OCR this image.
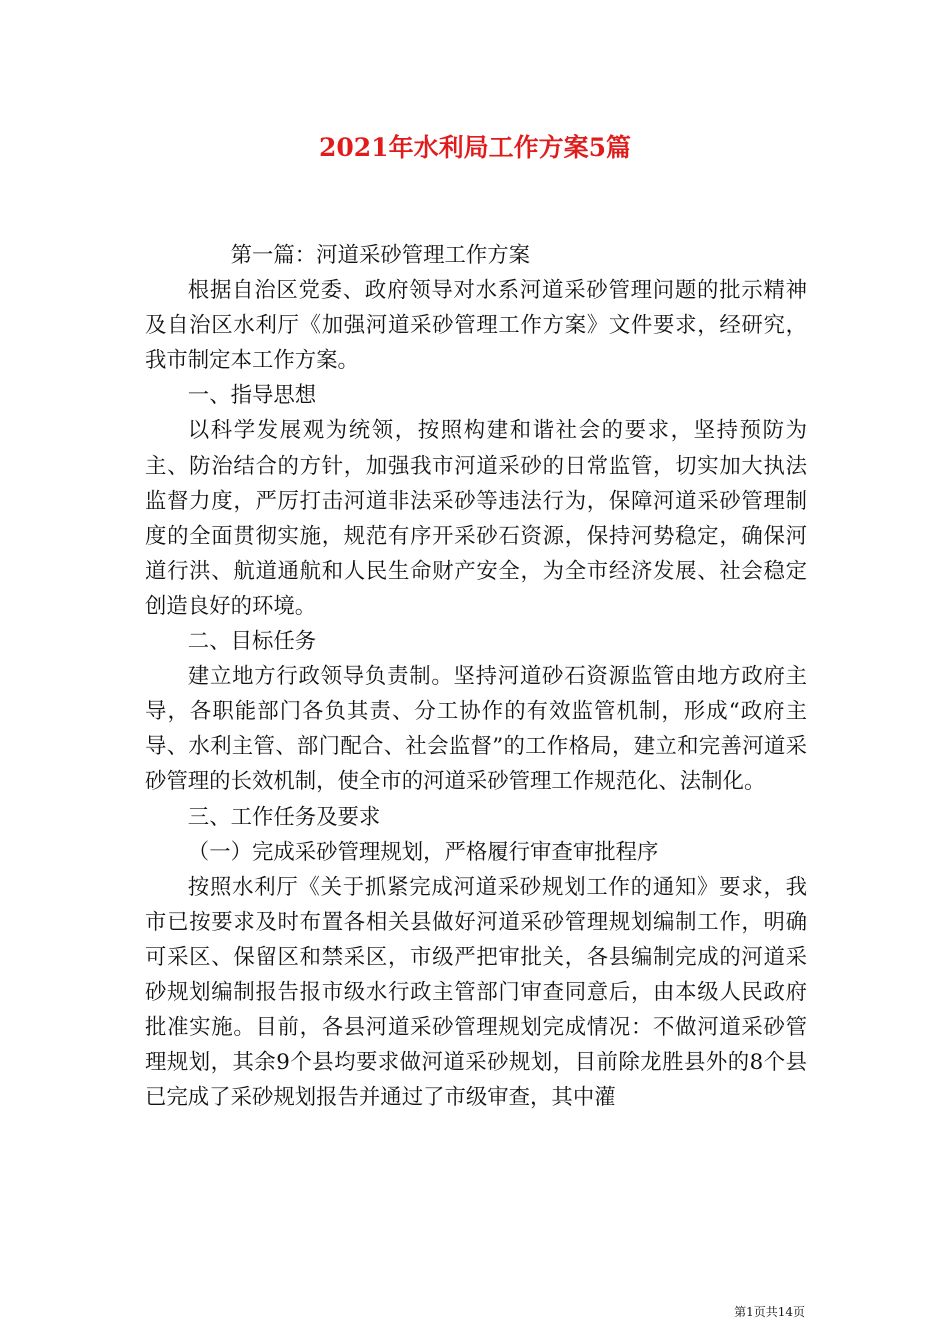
2021年水利局工作方案5篇

第一篇：河道采砂管理工作方案

根据自治区党委、政府领导对水系河道采砂管理问题的批示精神及自治区水利厅《加强河道采砂管理工作方案》文件要求，经研究，我市制定本工作方案。

一、指导思想

以科学发展观为统领，按照构建和谐社会的要求，坚持预防为主、防治结合的方针，加强我市河道采砂的日常监管，切实加大执法监督力度，严厉打击河道非法采砂等违法行为，保障河道采砂管理制度的全面贯彻实施，规范有序开采砂石资源，保持河势稳定，确保河道行洪、航道通航和人民生命财产安全，为全市经济发展、社会稳定创造良好的环境。

二、目标任务

建立地方行政领导负责制。坚持河道砂石资源监管由地方政府主导，各职能部门各负其责、分工协作的有效监管机制，形成“政府主导、水利主管、部门配合、社会监督”的工作格局，建立和完善河道采砂管理的长效机制，使全市的河道采砂管理工作规范化、法制化。

三、工作任务及要求

（一）完成采砂管理规划，严格履行审查审批程序

按照水利厅《关于抓紧完成河道采砂规划工作的通知》要求，我市已按要求及时布置各相关县做好河道采砂管理规划编制工作，明确可采区、保留区和禁采区，市级严把审批关，各县编制完成的河道采砂规划编制报告报市级水行政主管部门审查同意后，由本级人民政府批准实施。目前，各县河道采砂管理规划完成情况：不做河道采砂管理规划，其余9个县均要求做河道采砂规划，目前除龙胜县外的8个县已完成了采砂规划报告并通过了市级审查，其中灌

第1页共14页
